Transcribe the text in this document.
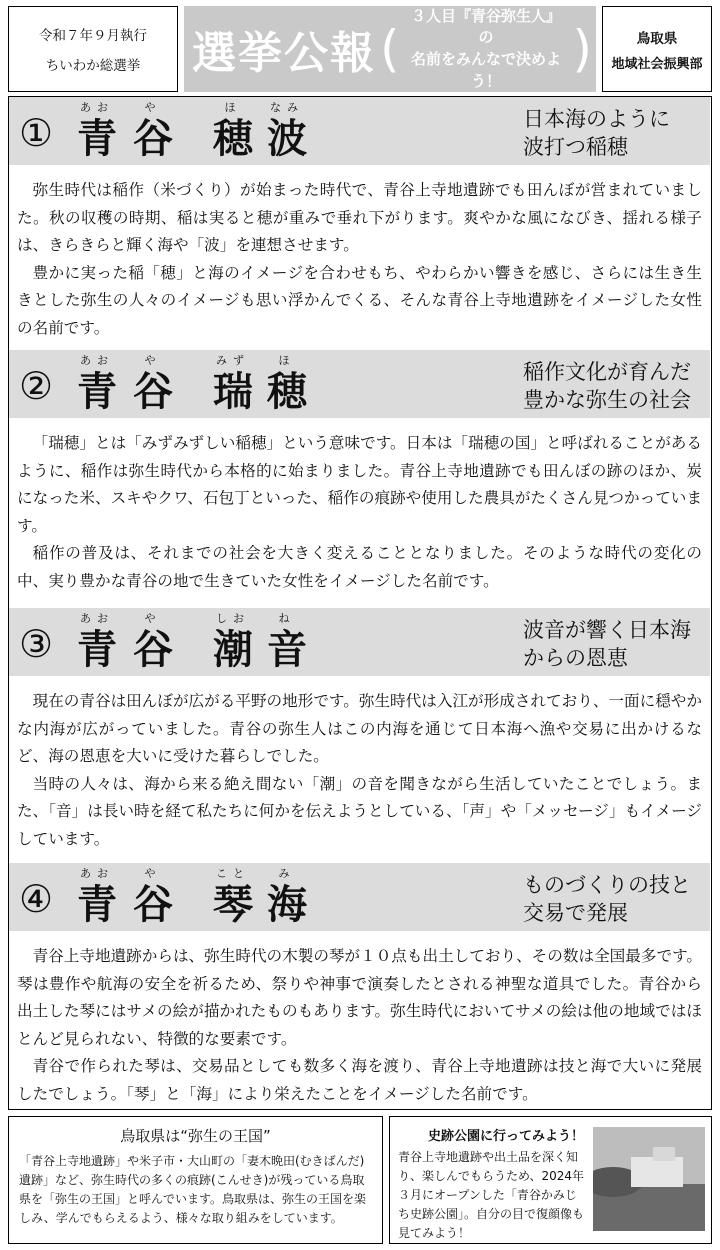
令和７年９月執行
ちいわか総選挙 選挙公報 (
３人目『青谷弥生人』の
名前をみんなで決めよう！
)	鳥取県
地域社会振興部
①
あお
青
や
谷
ほ
穂
なみ
波	日本海のように
波打つ稲穂

弥生時代は稲作（米づくり）が始まった時代で、青谷上寺地遺跡でも田んぼが営まれていました。秋の収穫の時期、稲は実ると穂が重みで垂れ下がります。爽やかな風になびき、揺れる様子は、きらきらと輝く海や「波」を連想させます。

豊かに実った稲「穂」と海のイメージを合わせもち、やわらかい響きを感じ、さらには生き生きとした弥生の人々のイメージも思い浮かんでくる、そんな青谷上寺地遺跡をイメージした女性の名前です。

②
あお
青
や
谷
みず
瑞
ほ
穂	稲作文化が育んだ
豊かな弥生の社会

「瑞穂」とは「みずみずしい稲穂」という意味です。日本は「瑞穂の国」と呼ばれることがあるように、稲作は弥生時代から本格的に始まりました。青谷上寺地遺跡でも田んぼの跡のほか、炭になった米、スキやクワ、石包丁といった、稲作の痕跡や使用した農具がたくさん見つかっています。

稲作の普及は、それまでの社会を大きく変えることとなりました。そのような時代の変化の中、実り豊かな青谷の地で生きていた女性をイメージした名前です。

③
あお
青
や
谷
しお
潮
ね
音	波音が響く日本海
からの恩恵

現在の青谷は田んぼが広がる平野の地形です。弥生時代は入江が形成されており、一面に穏やかな内海が広がっていました。青谷の弥生人はこの内海を通じて日本海へ漁や交易に出かけるなど、海の恩恵を大いに受けた暮らしでした。

当時の人々は、海から来る絶え間ない「潮」の音を聞きながら生活していたことでしょう。また、「音」は長い時を経て私たちに何かを伝えようとしている、「声」や「メッセージ」もイメージしています。

④
あお
青
や
谷
こと
琴
み
海	ものづくりの技と
交易で発展

青谷上寺地遺跡からは、弥生時代の木製の琴が１０点も出土しており、その数は全国最多です。琴は豊作や航海の安全を祈るため、祭りや神事で演奏したとされる神聖な道具でした。青谷から出土した琴にはサメの絵が描かれたものもあります。弥生時代においてサメの絵は他の地域ではほとんど見られない、特徴的な要素です。

青谷で作られた琴は、交易品としても数多く海を渡り、青谷上寺地遺跡は技と海で大いに発展したでしょう。「琴」と「海」により栄えたことをイメージした名前です。

鳥取県は“弥生の王国”
「青谷上寺地遺跡」や米子市・大山町の「妻木晩田(むきばんだ)遺跡」など、弥生時代の多くの痕跡(こんせき)が残っている鳥取県を「弥生の王国」と呼んでいます。鳥取県は、弥生の王国を楽しみ、学んでもらえるよう、様々な取り組みをしています。
史跡公園に行ってみよう！
青谷上寺地遺跡や出土品を深く知り、楽しんでもらうため、2024年３月にオープンした「青谷かみじち史跡公園」。自分の目で復顔像も見てみよう！
